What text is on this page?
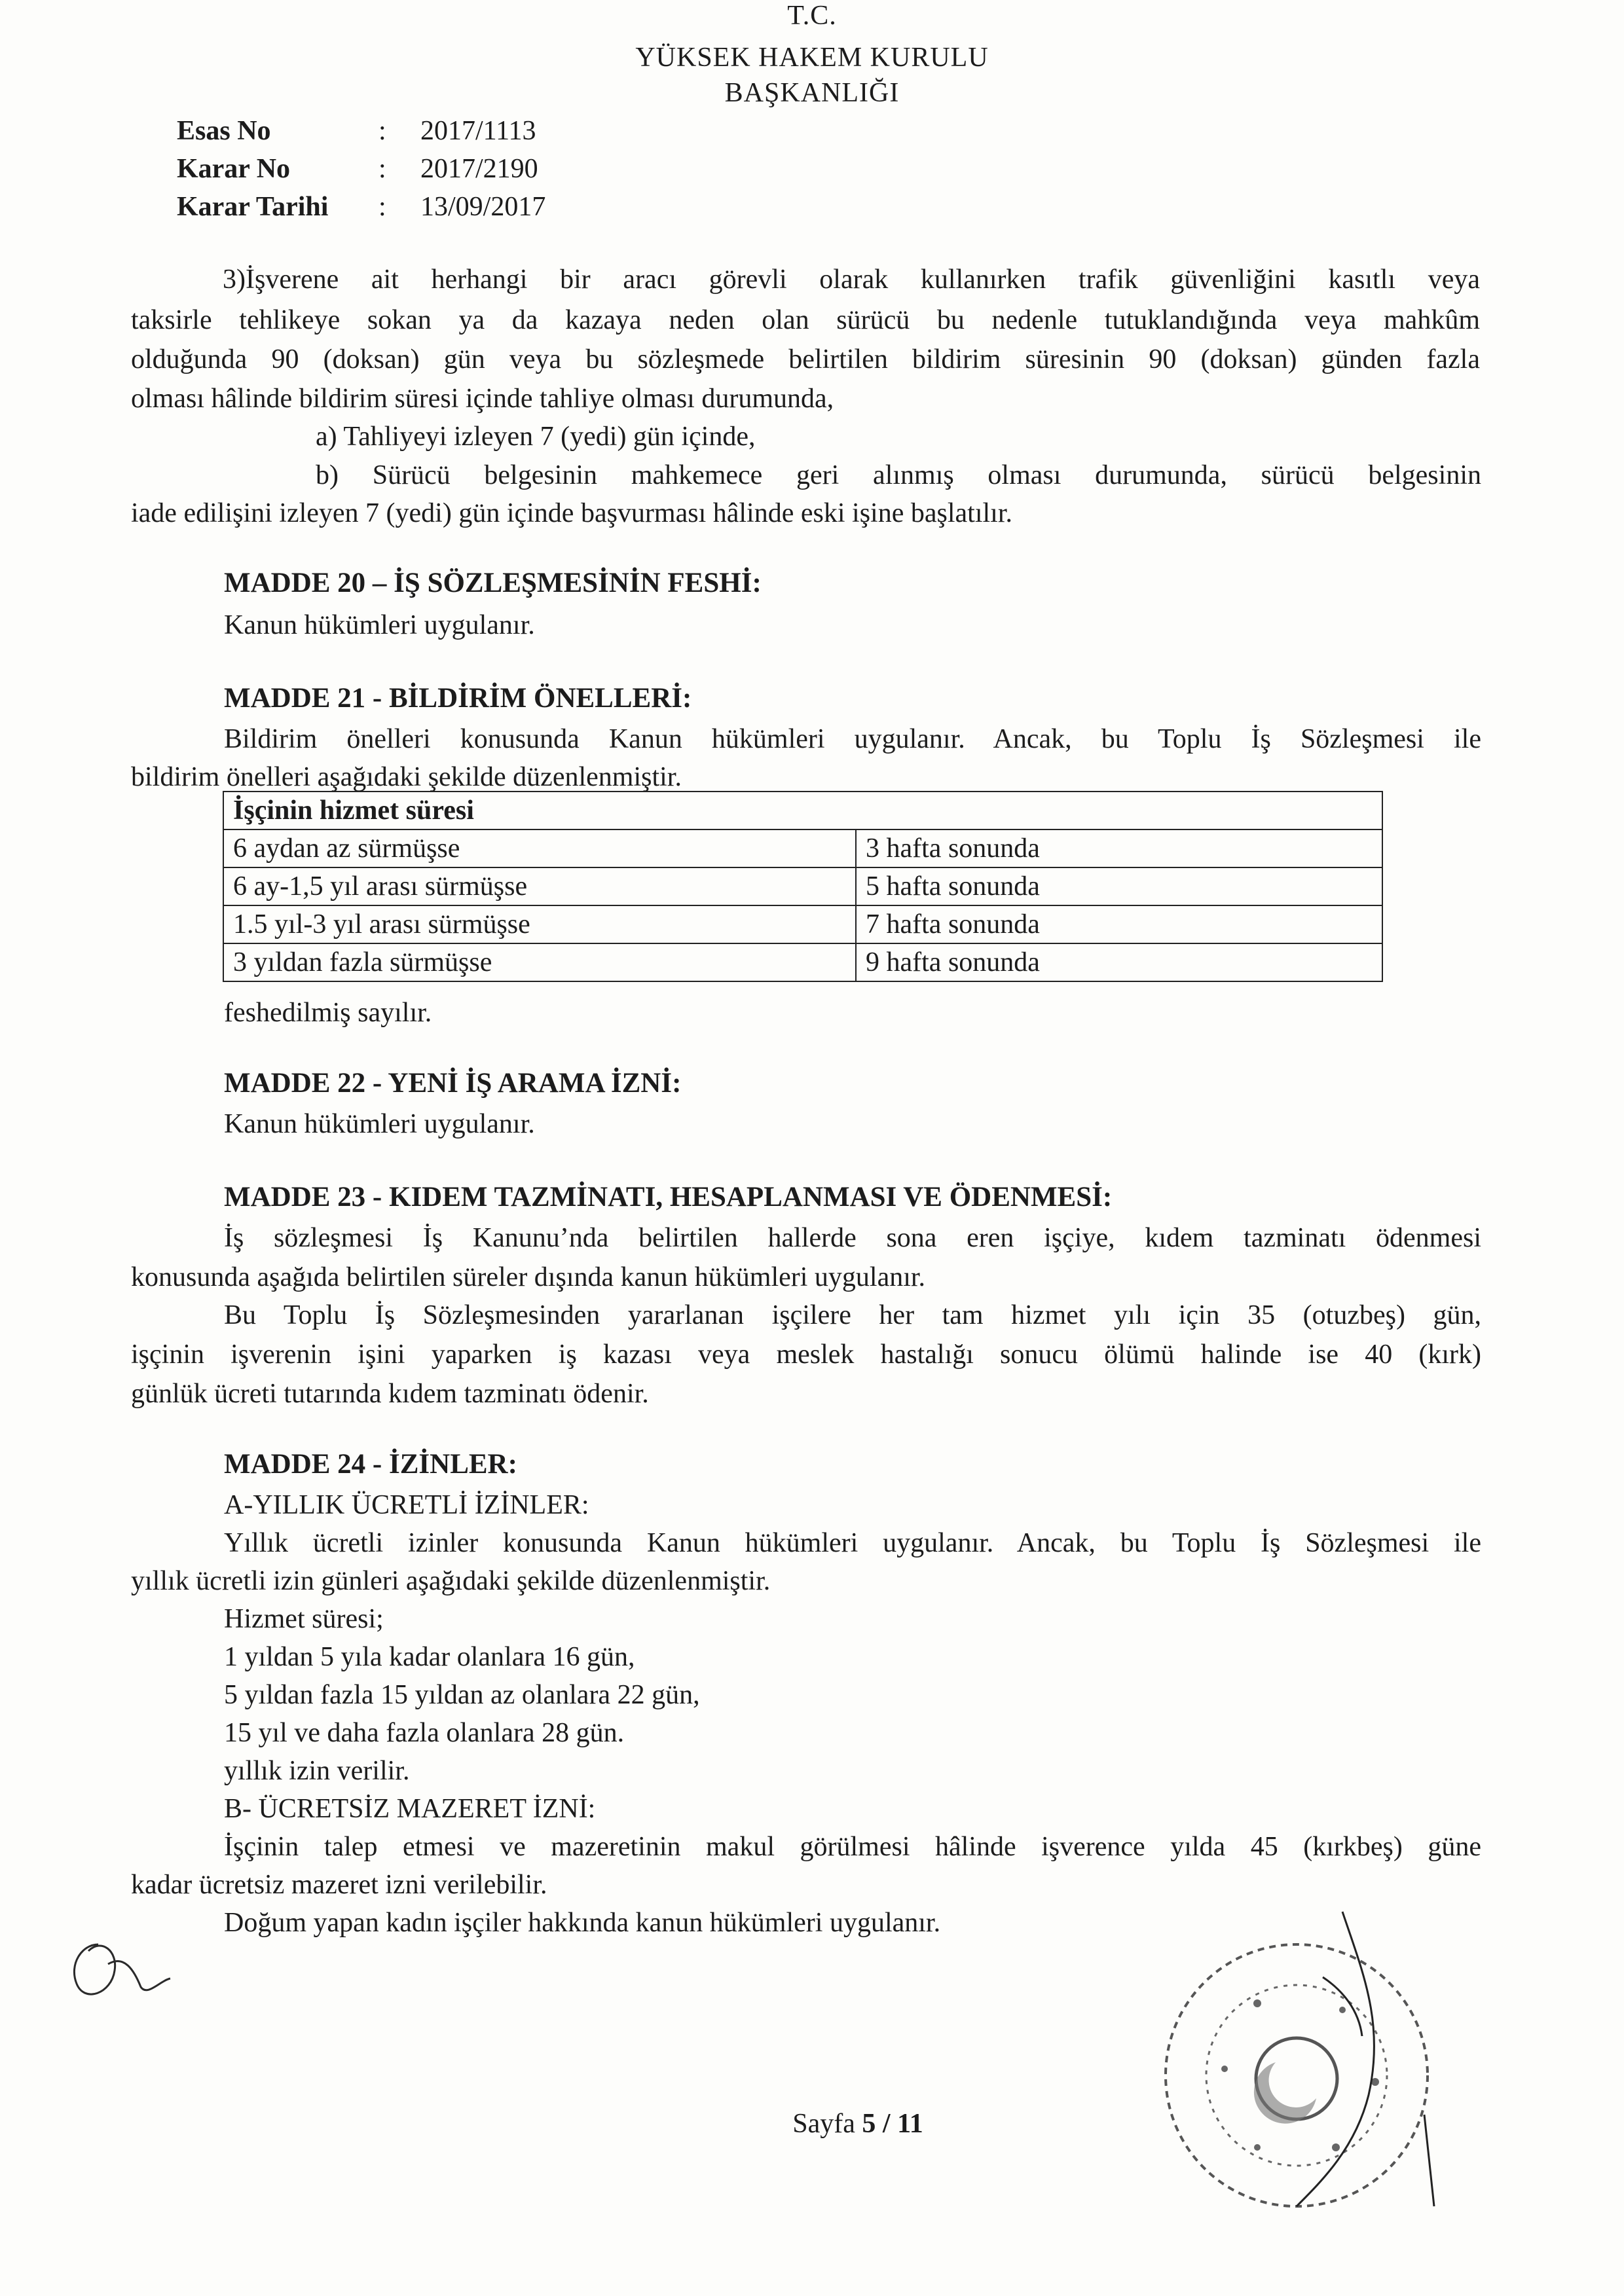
T.C.
YÜKSEK HAKEM KURULU
BAŞKANLIĞI
Esas No	: 2017/1113
Karar No	: 2017/2190
Karar Tarihi : 13/09/2017
3)İşverene ait herhangi bir aracı görevli olarak kullanırken trafik güvenliğini kasıtlı veya
taksirle tehlikeye sokan ya da kazaya neden olan sürücü bu nedenle tutuklandığında veya mahkûm
olduğunda 90 (doksan) gün veya bu sözleşmede belirtilen bildirim süresinin 90 (doksan) günden fazla
olması hâlinde bildirim süresi içinde tahliye olması durumunda,
a) Tahliyeyi izleyen 7 (yedi) gün içinde,
b) Sürücü belgesinin mahkemece geri alınmış olması durumunda, sürücü belgesinin
iade edilişini izleyen 7 (yedi) gün içinde başvurması hâlinde eski işine başlatılır.
MADDE 20 – İŞ SÖZLEŞMESİNİN FESHİ:
Kanun hükümleri uygulanır.
MADDE 21 - BİLDİRİM ÖNELLERİ:
Bildirim önelleri konusunda Kanun hükümleri uygulanır. Ancak, bu Toplu İş Sözleşmesi ile
bildirim önelleri aşağıdaki şekilde düzenlenmiştir.
İşçinin hizmet süresi	
6 aydan az sürmüşse	3 hafta sonunda
6 ay-1,5 yıl arası sürmüşse	5 hafta sonunda
1.5 yıl-3 yıl arası sürmüşse	7 hafta sonunda
3 yıldan fazla sürmüşse	9 hafta sonunda
feshedilmiş sayılır.
MADDE 22 - YENİ İŞ ARAMA İZNİ:
Kanun hükümleri uygulanır.
MADDE 23 - KIDEM TAZMİNATI, HESAPLANMASI VE ÖDENMESİ:
İş sözleşmesi İş Kanunu’nda belirtilen hallerde sona eren işçiye, kıdem tazminatı ödenmesi
konusunda aşağıda belirtilen süreler dışında kanun hükümleri uygulanır.
Bu Toplu İş Sözleşmesinden yararlanan işçilere her tam hizmet yılı için 35 (otuzbeş) gün,
işçinin işverenin işini yaparken iş kazası veya meslek hastalığı sonucu ölümü halinde ise 40 (kırk)
günlük ücreti tutarında kıdem tazminatı ödenir.
MADDE 24 - İZİNLER:
A-YILLIK ÜCRETLİ İZİNLER:
Yıllık ücretli izinler konusunda Kanun hükümleri uygulanır. Ancak, bu Toplu İş Sözleşmesi ile
yıllık ücretli izin günleri aşağıdaki şekilde düzenlenmiştir.
Hizmet süresi;
1 yıldan 5 yıla kadar olanlara 16 gün,
5 yıldan fazla 15 yıldan az olanlara 22 gün,
15 yıl ve daha fazla olanlara 28 gün.
yıllık izin verilir.
B- ÜCRETSİZ MAZERET İZNİ:
İşçinin talep etmesi ve mazeretinin makul görülmesi hâlinde işverence yılda 45 (kırkbeş) güne
kadar ücretsiz mazeret izni verilebilir.
Doğum yapan kadın işçiler hakkında kanun hükümleri uygulanır.
Sayfa 5 / 11
